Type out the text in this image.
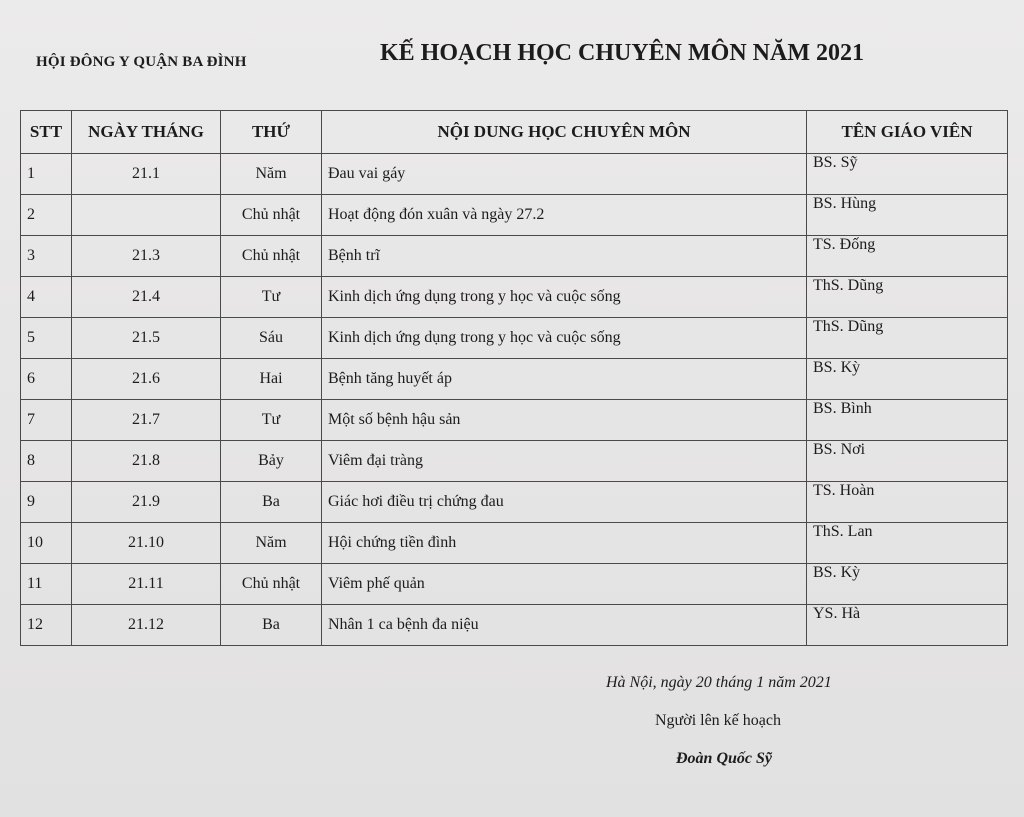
HỘI ĐÔNG Y QUẬN BA ĐÌNH	KẾ HOẠCH HỌC CHUYÊN MÔN NĂM 2021
STT	NGÀY THÁNG	THỨ	NỘI DUNG HỌC CHUYÊN MÔN	TÊN GIÁO VIÊN
1	21.1	Năm	Đau vai gáy	BS. Sỹ
2		Chủ nhật	Hoạt động đón xuân và ngày 27.2	BS. Hùng
3	21.3	Chủ nhật	Bệnh trĩ	TS. Đống
4	21.4	Tư	Kinh dịch ứng dụng trong y học và cuộc sống	ThS. Dũng
5	21.5	Sáu	Kinh dịch ứng dụng trong y học và cuộc sống	ThS. Dũng
6	21.6	Hai	Bệnh tăng huyết áp	BS. Kỳ
7	21.7	Tư	Một số bệnh hậu sản	BS. Bình
8	21.8	Bảy	Viêm đại tràng	BS. Nơi
9	21.9	Ba	Giác hơi điều trị chứng đau	TS. Hoàn
10	21.10	Năm	Hội chứng tiền đình	ThS. Lan
11	21.11	Chủ nhật	Viêm phế quản	BS. Kỳ
12	21.12	Ba	Nhân 1 ca bệnh đa niệu	YS. Hà
Hà Nội, ngày 20 tháng 1 năm 2021
Người lên kế hoạch
Đoàn Quốc Sỹ
